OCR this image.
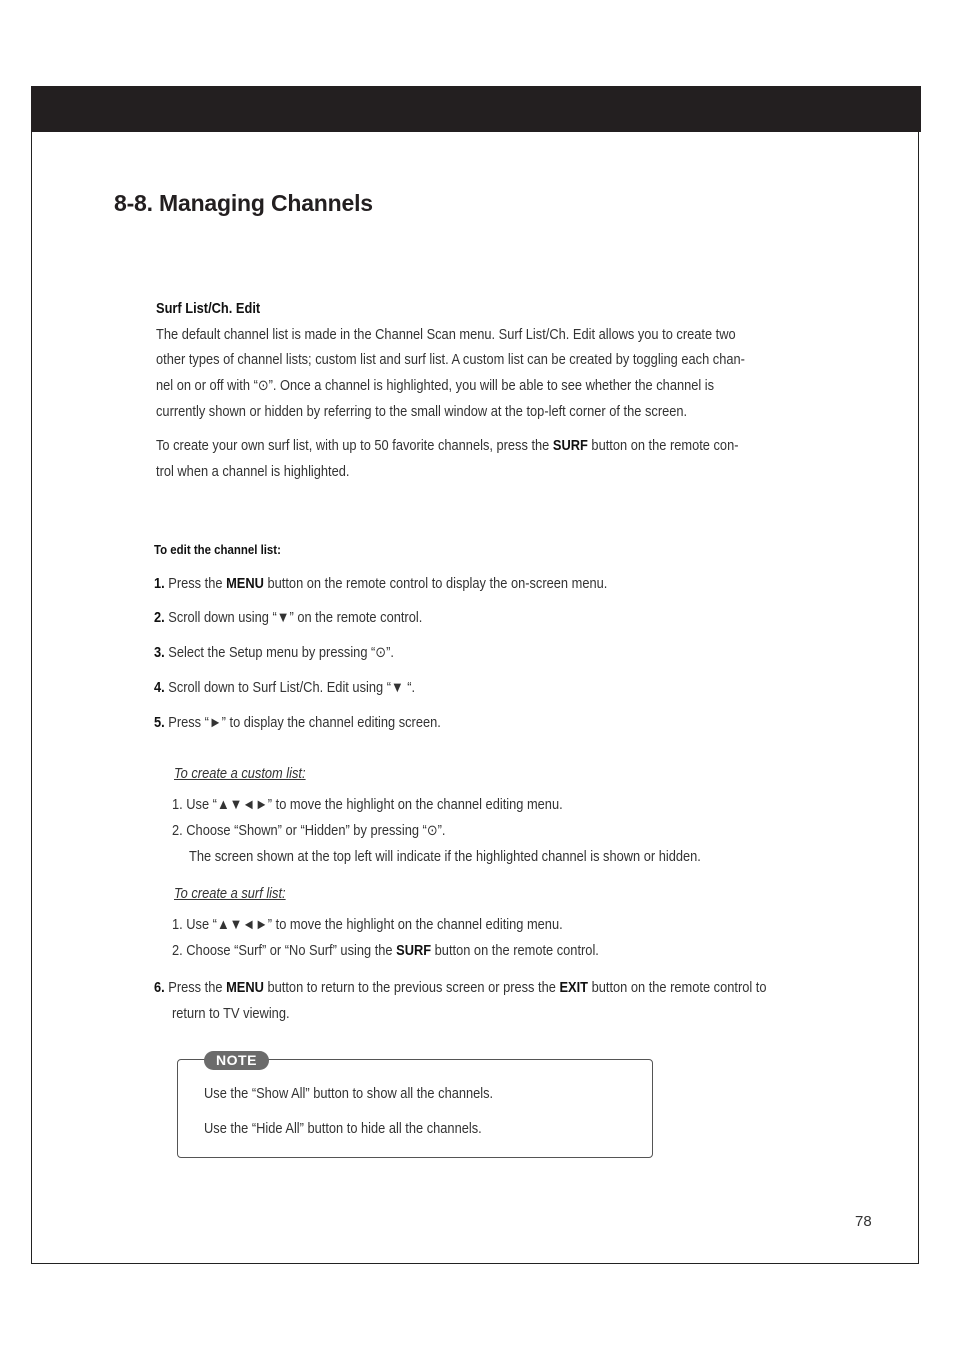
8-8. Managing Channels
Surf List/Ch. Edit
The default channel list is made in the Channel Scan menu. Surf List/Ch. Edit allows you to create two
other types of channel lists; custom list and surf list. A custom list can be created by toggling each chan-
nel on or off with “⊙”. Once a channel is highlighted, you will be able to see whether the channel is
currently shown or hidden by referring to the small window at the top-left corner of the screen.
To create your own surf list, with up to 50 favorite channels, press the SURF button on the remote con-
trol when a channel is highlighted.
To edit the channel list:
1. Press the MENU button on the remote control to display the on-screen menu.
2. Scroll down using “▼” on the remote control.
3. Select the Setup menu by pressing “⊙”.
4. Scroll down to Surf List/Ch. Edit using “▼ “.
5. Press “►” to display the channel editing screen.
To create a custom list:
1. Use “▲▼◄►” to move the highlight on the channel editing menu.
2. Choose “Shown” or “Hidden” by pressing “⊙”.
The screen shown at the top left will indicate if the highlighted channel is shown or hidden.
To create a surf list:
1. Use “▲▼◄►” to move the highlight on the channel editing menu.
2. Choose “Surf” or “No Surf” using the SURF button on the remote control.
6. Press the MENU button to return to the previous screen or press the EXIT button on the remote control to
return to TV viewing.
NOTE
Use the “Show All” button to show all the channels.
Use the “Hide All” button to hide all the channels.
78
